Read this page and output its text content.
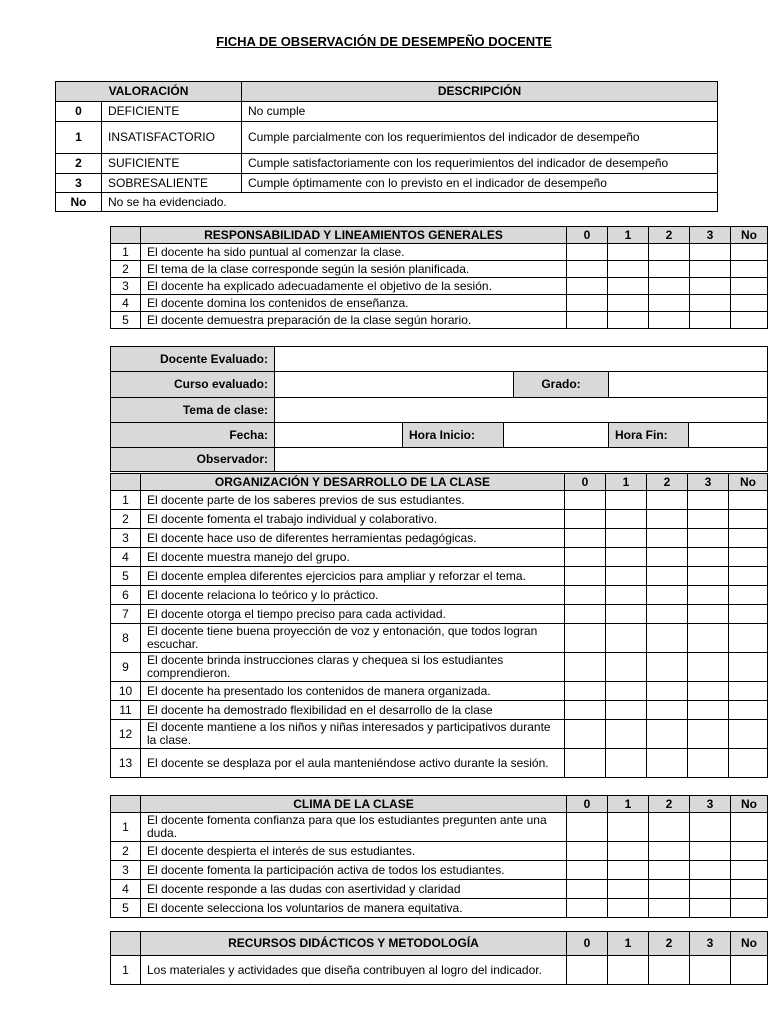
FICHA DE OBSERVACIÓN DE DESEMPEÑO DOCENTE
VALORACIÓN		DESCRIPCIÓN
0	DEFICIENTE	No cumple
1	INSATISFACTORIO	Cumple parcialmente con los requerimientos del indicador de desempeño
2	SUFICIENTE	Cumple satisfactoriamente con los requerimientos del indicador de desempeño
3	SOBRESALIENTE	Cumple óptimamente con lo previsto en el indicador de desempeño
No	No se ha evidenciado.	
	RESPONSABILIDAD Y LINEAMIENTOS GENERALES	0	1	2	3	No
1	El docente ha sido puntual al comenzar la clase.					
2	El tema de la clase corresponde según la sesión planificada.					
3	El docente ha explicado adecuadamente el objetivo de la sesión.					
4	El docente domina los contenidos de enseñanza.					
5	El docente demuestra preparación de la clase según horario.					
Docente Evaluado:						
Curso evaluado:				Grado:		
Tema de clase:						
Fecha:		Hora Inicio:			Hora Fin:	
Observador:						
	ORGANIZACIÓN Y DESARROLLO DE LA CLASE	0	1	2	3	No
1	El docente parte de los saberes previos de sus estudiantes.					
2	El docente fomenta el trabajo individual y colaborativo.					
3	El docente hace uso de diferentes herramientas pedagógicas.					
4	El docente muestra manejo del grupo.					
5	El docente emplea diferentes ejercicios para ampliar y reforzar el tema.					
6	El docente relaciona lo teórico y lo práctico.					
7	El docente otorga el tiempo preciso para cada actividad.					
8	El docente tiene buena proyección de voz y entonación, que todos logran escuchar.					
9	El docente brinda instrucciones claras y chequea si los estudiantes comprendieron.					
10	El docente ha presentado los contenidos de manera organizada.					
11	El docente ha demostrado flexibilidad en el desarrollo de la clase					
12	El docente mantiene a los niños y niñas interesados y participativos durante la clase.					
13	El docente se desplaza por el aula manteniéndose activo durante la sesión.					
	CLIMA DE LA CLASE	0	1	2	3	No
1	El docente fomenta confianza para que los estudiantes pregunten ante una duda.					
2	El docente despierta el interés de sus estudiantes.					
3	El docente fomenta la participación activa de todos los estudiantes.					
4	El docente responde a las dudas con asertividad y claridad					
5	El docente selecciona los voluntarios de manera equitativa.					
	RECURSOS DIDÁCTICOS Y METODOLOGÍA	0	1	2	3	No
1	Los materiales y actividades que diseña contribuyen al logro del indicador.					
